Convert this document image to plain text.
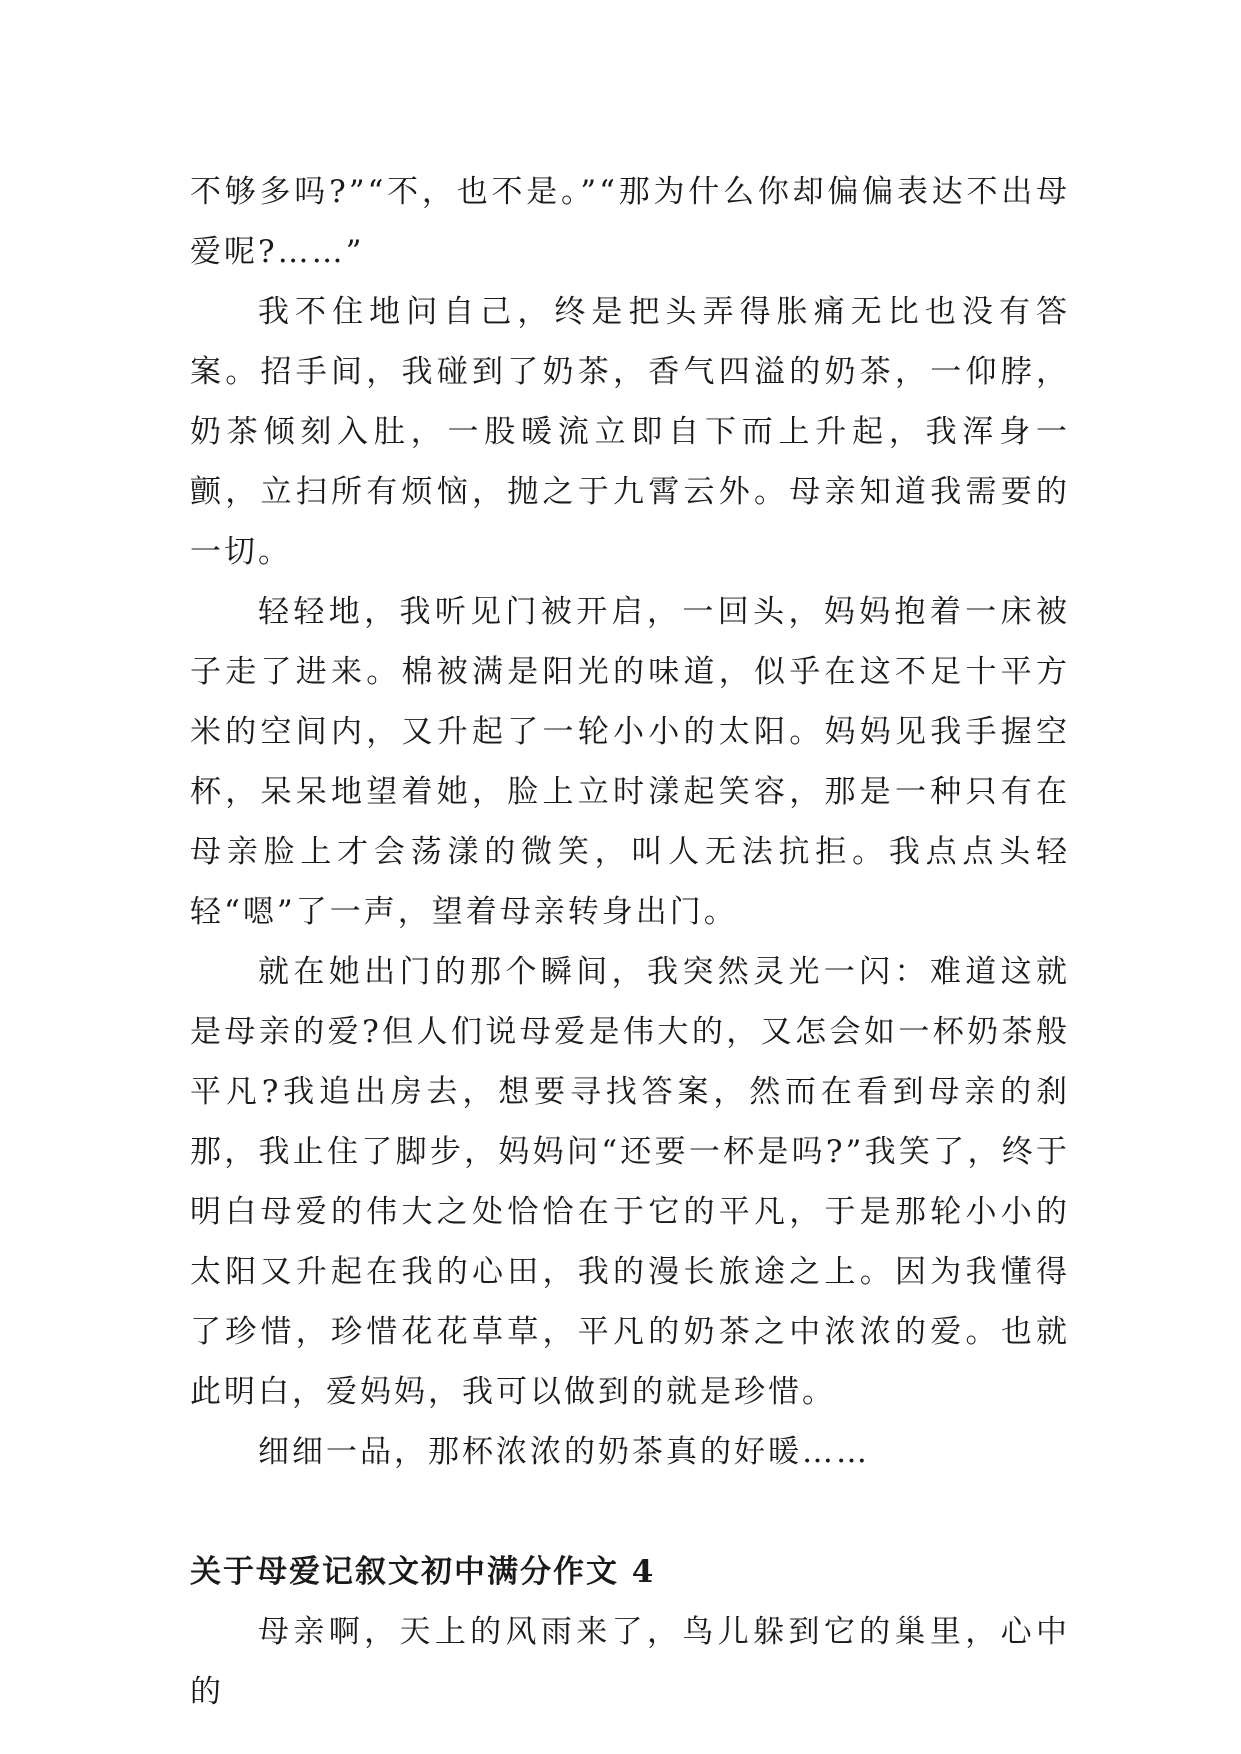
不够多吗?”“不，也不是。”“那为什么你却偏偏表达不出母爱呢?……”

我不住地问自己，终是把头弄得胀痛无比也没有答案。招手间，我碰到了奶茶，香气四溢的奶茶，一仰脖，奶茶倾刻入肚，一股暖流立即自下而上升起，我浑身一颤，立扫所有烦恼，抛之于九霄云外。母亲知道我需要的一切。

轻轻地，我听见门被开启，一回头，妈妈抱着一床被子走了进来。棉被满是阳光的味道，似乎在这不足十平方米的空间内，又升起了一轮小小的太阳。妈妈见我手握空杯，呆呆地望着她，脸上立时漾起笑容，那是一种只有在母亲脸上才会荡漾的微笑，叫人无法抗拒。我点点头轻轻“嗯”了一声，望着母亲转身出门。

就在她出门的那个瞬间，我突然灵光一闪：难道这就是母亲的爱?但人们说母爱是伟大的，又怎会如一杯奶茶般平凡?我追出房去，想要寻找答案，然而在看到母亲的刹那，我止住了脚步，妈妈问“还要一杯是吗?”我笑了，终于明白母爱的伟大之处恰恰在于它的平凡，于是那轮小小的太阳又升起在我的心田，我的漫长旅途之上。因为我懂得了珍惜，珍惜花花草草，平凡的奶茶之中浓浓的爱。也就此明白，爱妈妈，我可以做到的就是珍惜。

细细一品，那杯浓浓的奶茶真的好暖……

关于母爱记叙文初中满分作文 4

母亲啊，天上的风雨来了，鸟儿躲到它的巢里，心中的
